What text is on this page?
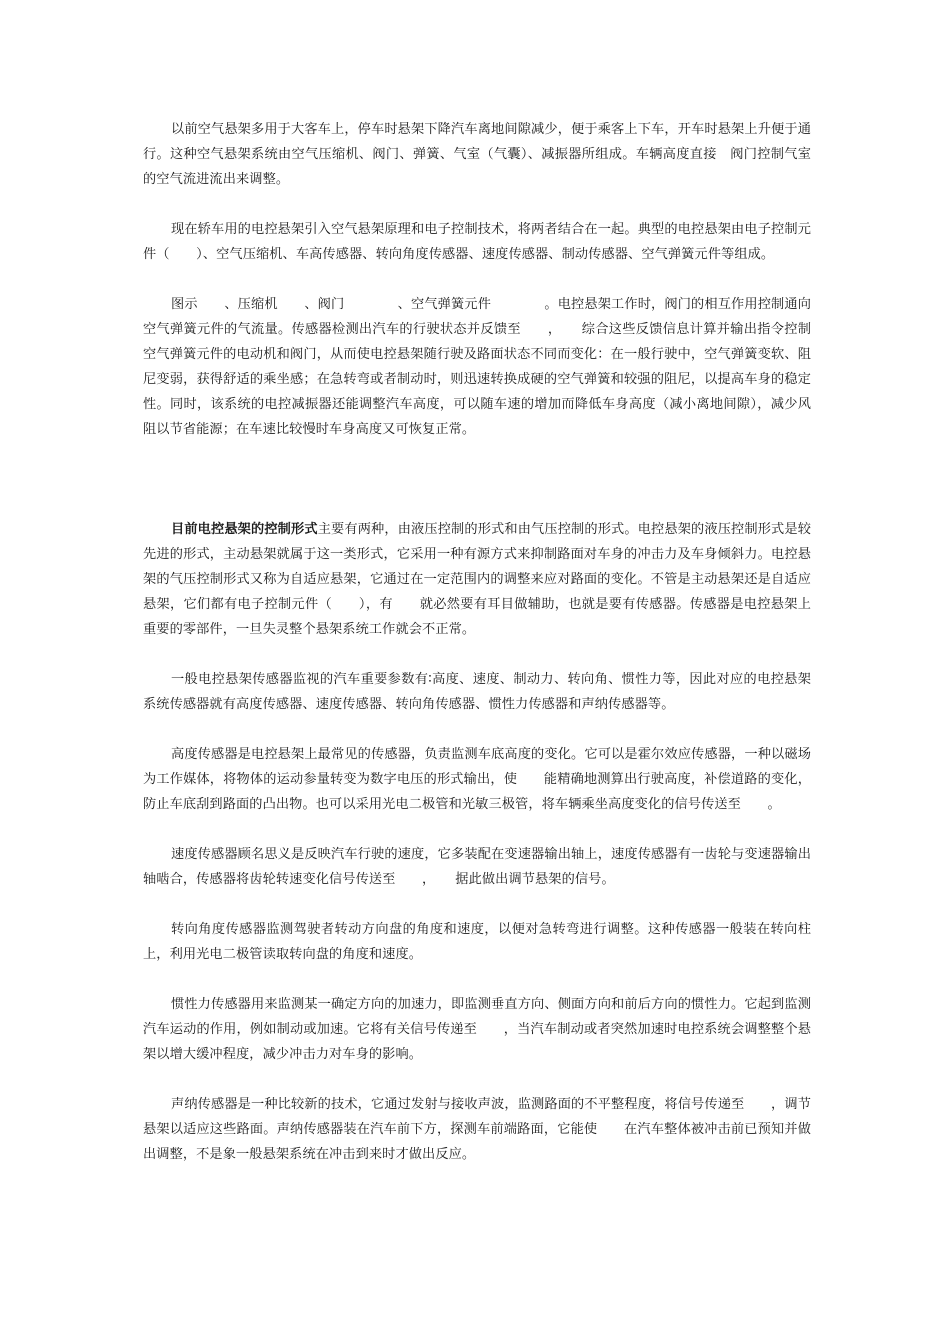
以前空气悬架多用于大客车上，停车时悬架下降汽车离地间隙减少，便于乘客上下车，开车时悬架上升便于通行。这种空气悬架系统由空气压缩机、阀门、弹簧、气室（气囊）、减振器所组成。车辆高度直接　阀门控制气室的空气流进流出来调整。

现在轿车用的电控悬架引入空气悬架原理和电子控制技术，将两者结合在一起。典型的电控悬架由电子控制元件（　　）、空气压缩机、车高传感器、转向角度传感器、速度传感器、制动传感器、空气弹簧元件等组成。

图示　　、压缩机　　、阀门　　　　、空气弹簧元件　　　　。电控悬架工作时，阀门的相互作用控制通向空气弹簧元件的气流量。传感器检测出汽车的行驶状态并反馈至　　，　　综合这些反馈信息计算并输出指令控制空气弹簧元件的电动机和阀门，从而使电控悬架随行驶及路面状态不同而变化：在一般行驶中，空气弹簧变软、阻尼变弱，获得舒适的乘坐感；在急转弯或者制动时，则迅速转换成硬的空气弹簧和较强的阻尼，以提高车身的稳定性。同时，该系统的电控减振器还能调整汽车高度，可以随车速的增加而降低车身高度（减小离地间隙），减少风阻以节省能源；在车速比较慢时车身高度又可恢复正常。

目前电控悬架的控制形式主要有两种，由液压控制的形式和由气压控制的形式。电控悬架的液压控制形式是较先进的形式，主动悬架就属于这一类形式，它采用一种有源方式来抑制路面对车身的冲击力及车身倾斜力。电控悬架的气压控制形式又称为自适应悬架，它通过在一定范围内的调整来应对路面的变化。不管是主动悬架还是自适应悬架，它们都有电子控制元件（　　），有　　就必然要有耳目做辅助，也就是要有传感器。传感器是电控悬架上重要的零部件，一旦失灵整个悬架系统工作就会不正常。

一般电控悬架传感器监视的汽车重要参数有∶高度、速度、制动力、转向角、惯性力等，因此对应的电控悬架系统传感器就有高度传感器、速度传感器、转向角传感器、惯性力传感器和声纳传感器等。

高度传感器是电控悬架上最常见的传感器，负责监测车底高度的变化。它可以是霍尔效应传感器，一种以磁场为工作媒体，将物体的运动参量转变为数字电压的形式输出，使　　能精确地测算出行驶高度，补偿道路的变化，防止车底刮到路面的凸出物。也可以采用光电二极管和光敏三极管，将车辆乘坐高度变化的信号传送至　　。

速度传感器顾名思义是反映汽车行驶的速度，它多装配在变速器输出轴上，速度传感器有一齿轮与变速器输出轴啮合，传感器将齿轮转速变化信号传送至　　，　　据此做出调节悬架的信号。

转向角度传感器监测驾驶者转动方向盘的角度和速度，以便对急转弯进行调整。这种传感器一般装在转向柱上，利用光电二极管读取转向盘的角度和速度。

惯性力传感器用来监测某一确定方向的加速力，即监测垂直方向、侧面方向和前后方向的惯性力。它起到监测汽车运动的作用，例如制动或加速。它将有关信号传递至　　，当汽车制动或者突然加速时电控系统会调整整个悬架以增大缓冲程度，减少冲击力对车身的影响。

声纳传感器是一种比较新的技术，它通过发射与接收声波，监测路面的不平整程度，将信号传递至　　，调节悬架以适应这些路面。声纳传感器装在汽车前下方，探测车前端路面，它能使　　在汽车整体被冲击前已预知并做出调整，不是象一般悬架系统在冲击到来时才做出反应。
